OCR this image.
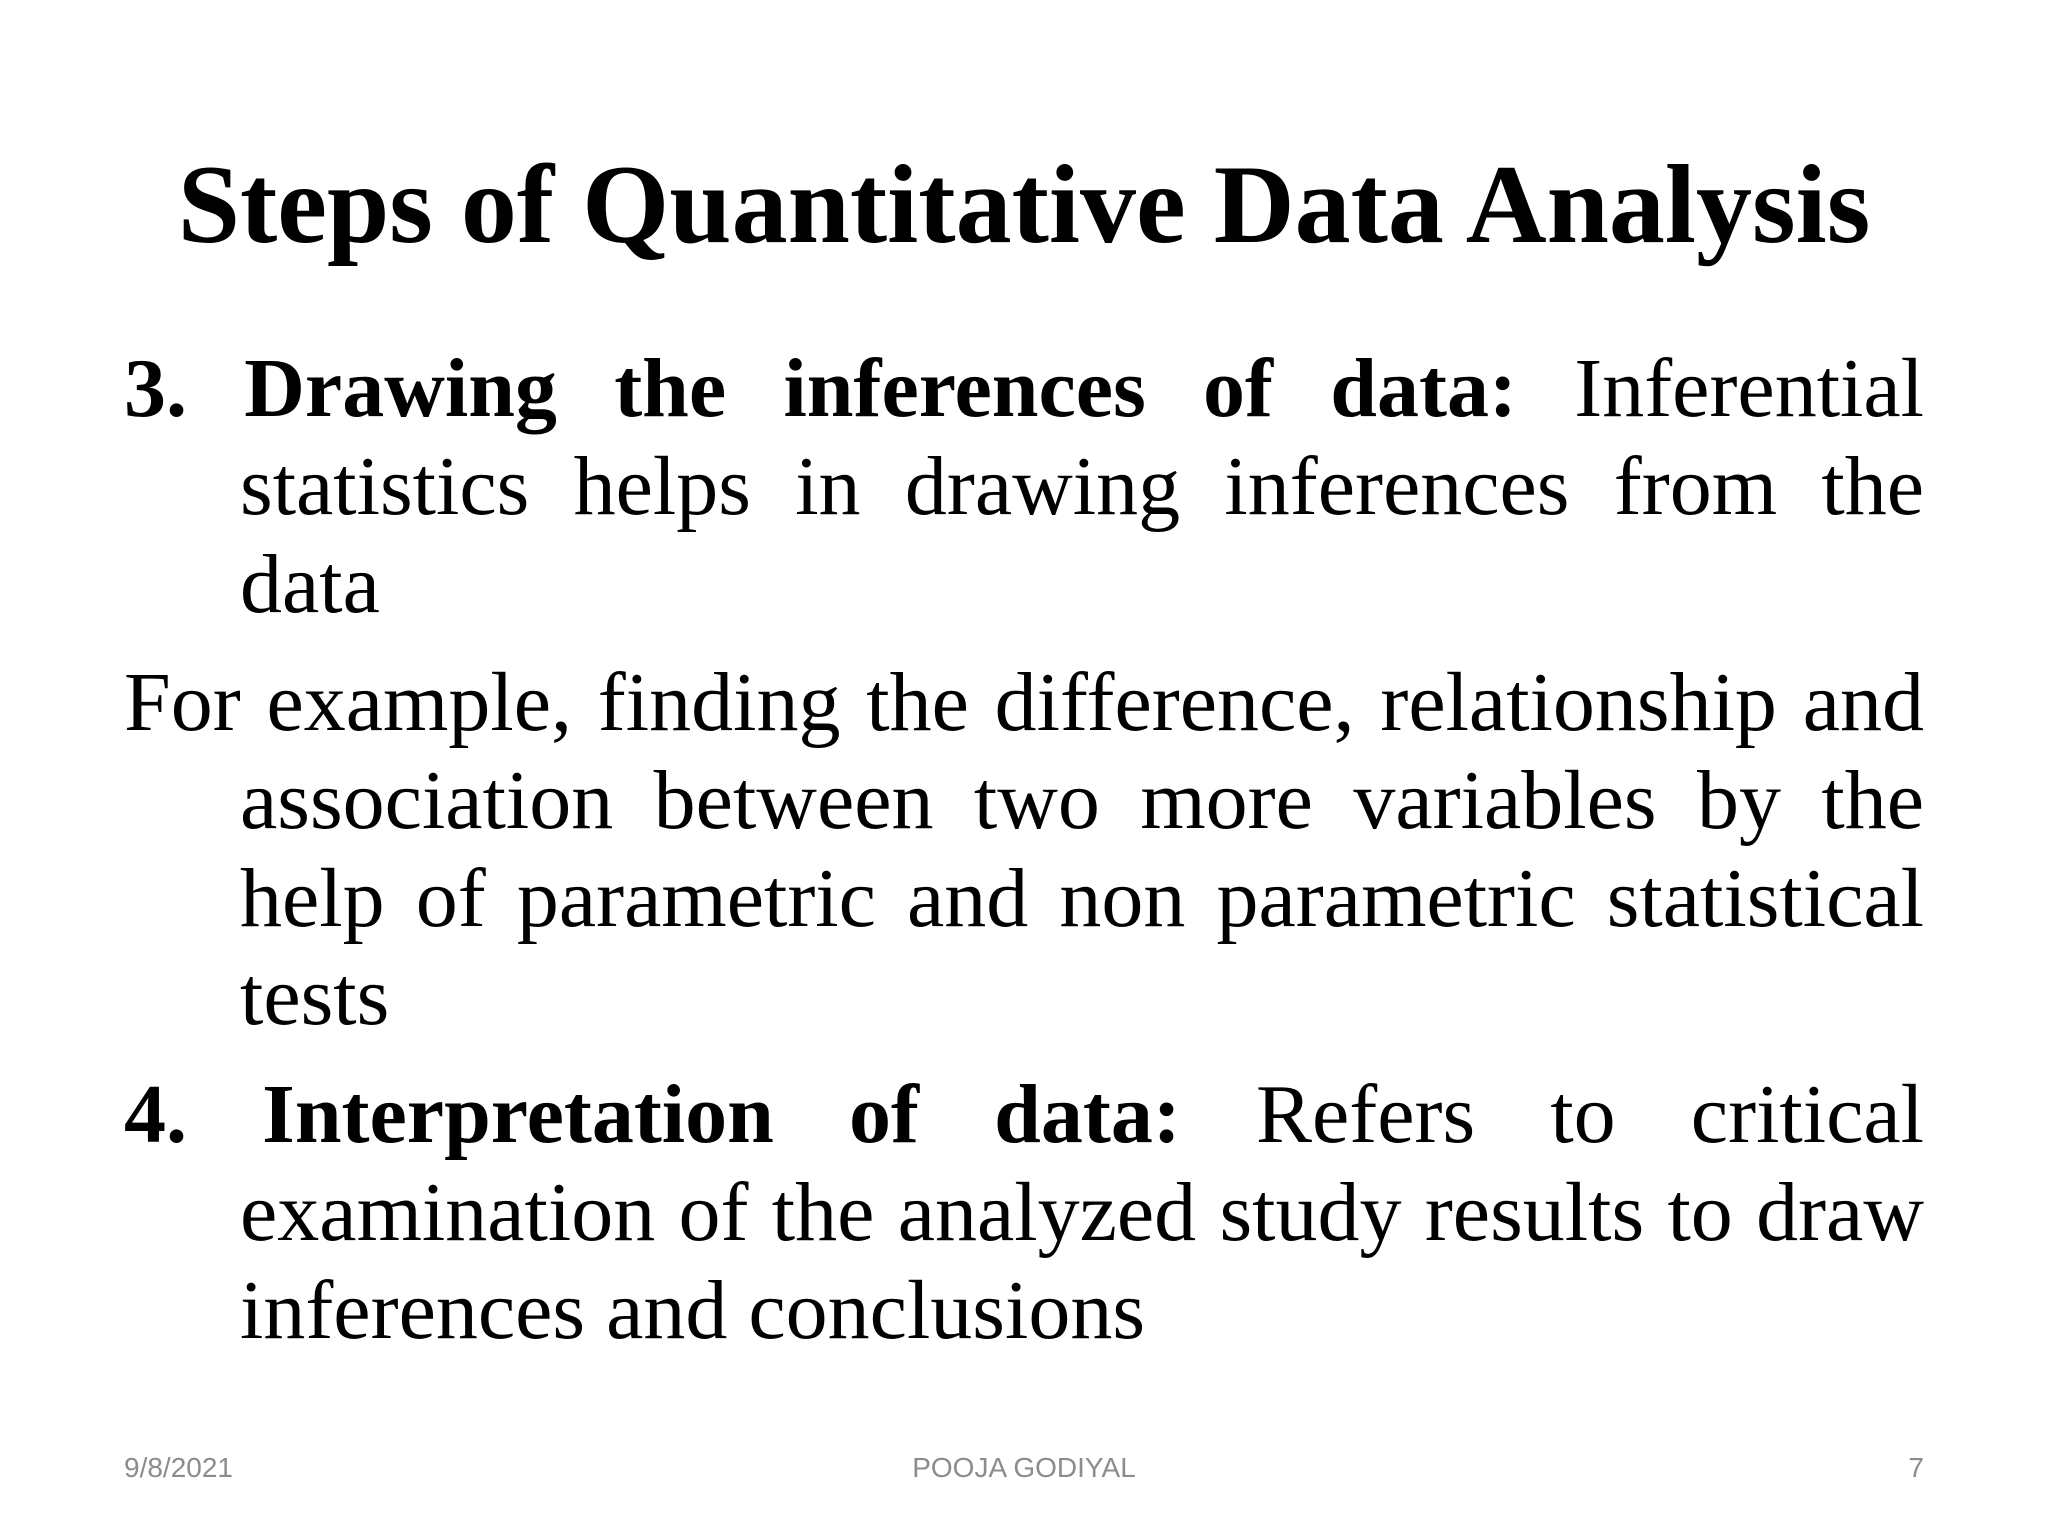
Steps of Quantitative Data Analysis

3. Drawing the inferences of data: Inferential statistics helps in drawing inferences from the data

For example, finding the difference, relationship and association between two more variables by the help of parametric and non parametric statistical tests

4. Interpretation of data: Refers to critical examination of the analyzed study results to draw inferences and conclusions

9/8/2021	POOJA GODIYAL	7
